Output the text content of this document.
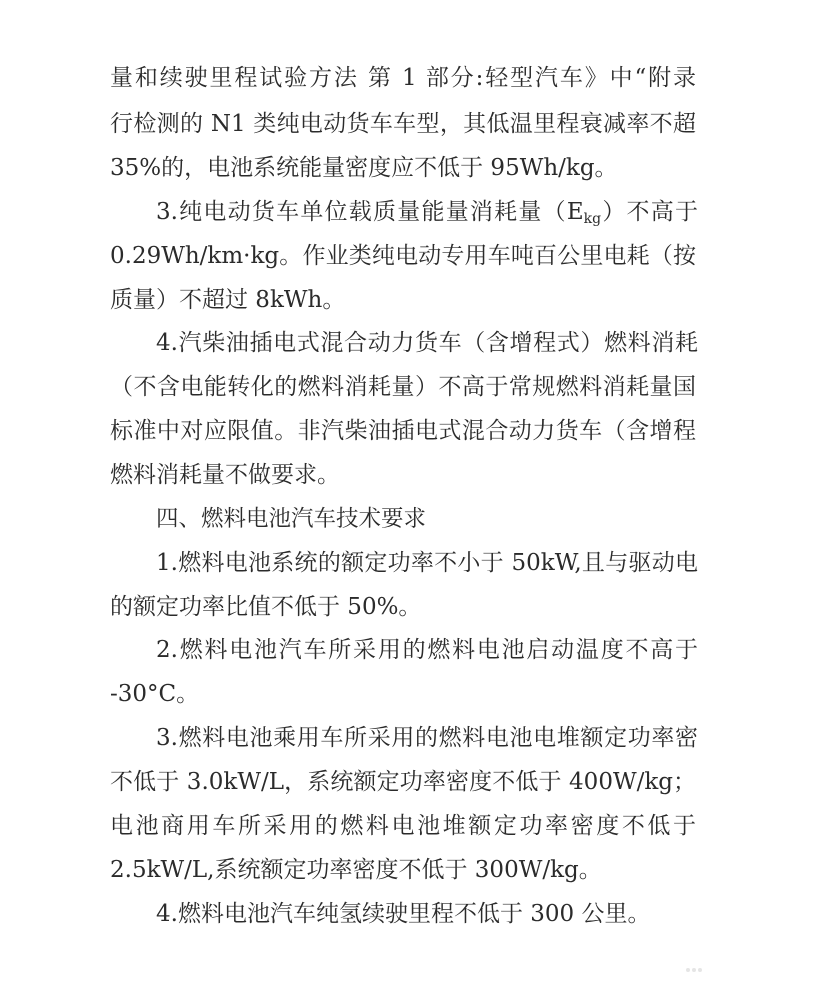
量和续驶里程试验方法 第 1 部分:轻型汽车》中“附录
行检测的 N1 类纯电动货车车型，其低温里程衰减率不超
35%的，电池系统能量密度应不低于 95Wh/kg。
3.纯电动货车单位载质量能量消耗量$(E_{kg})$不高于
0.29Wh/km·kg。作业类纯电动专用车吨百公里电耗（按
质量）不超过 8kWh。
4.汽柴油插电式混合动力货车（含增程式）燃料消耗
（不含电能转化的燃料消耗量）不高于常规燃料消耗量国
标准中对应限值。非汽柴油插电式混合动力货车（含增程
燃料消耗量不做要求。
四、燃料电池汽车技术要求
1.燃料电池系统的额定功率不小于 50kW,且与驱动电
的额定功率比值不低于 50%。
2.燃料电池汽车所采用的燃料电池启动温度不高于
-30°C。
3.燃料电池乘用车所采用的燃料电池电堆额定功率密
不低于 3.0kW/L，系统额定功率密度不低于 400W/kg；
电池商用车所采用的燃料电池堆额定功率密度不低于
2.5kW/L,系统额定功率密度不低于 300W/kg。
4.燃料电池汽车纯氢续驶里程不低于 300 公里。
